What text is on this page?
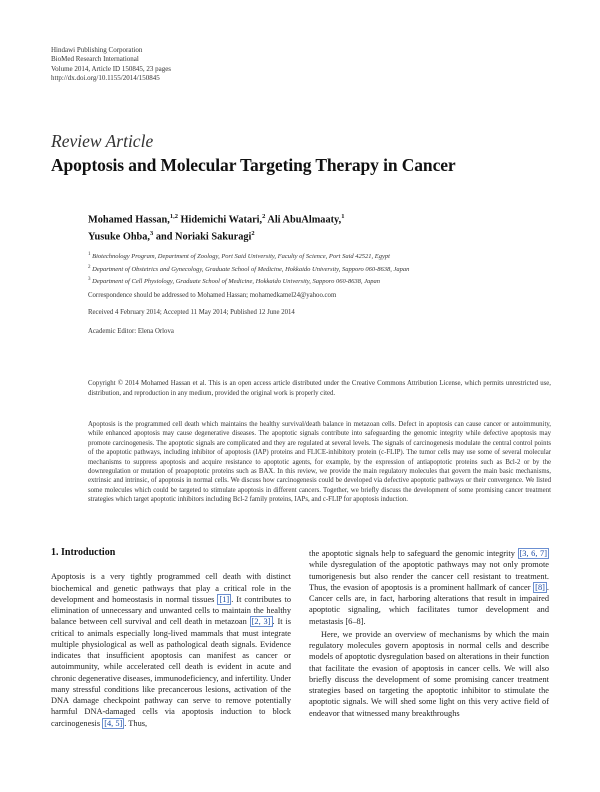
Hindawi Publishing Corporation
BioMed Research International
Volume 2014, Article ID 150845, 23 pages
http://dx.doi.org/10.1155/2014/150845
Review Article
Apoptosis and Molecular Targeting Therapy in Cancer
Mohamed Hassan,$^{1,2}$ Hidemichi Watari,$^2$ Ali AbuAlmaaty,$^1$
Yusuke Ohba,$^3$ and Noriaki Sakuragi$^2$
$^1$ Biotechnology Program, Department of Zoology, Port Said University, Faculty of Science, Port Said 42521, Egypt
$^2$ Department of Obstetrics and Gynecology, Graduate School of Medicine, Hokkaido University, Sapporo 060-8638, Japan
$^3$ Department of Cell Physiology, Graduate School of Medicine, Hokkaido University, Sapporo 060-8638, Japan
Correspondence should be addressed to Mohamed Hassan; mohamedkamel24@yahoo.com
Received 4 February 2014; Accepted 11 May 2014; Published 12 June 2014
Academic Editor: Elena Orlova
Copyright © 2014 Mohamed Hassan et al. This is an open access article distributed under the Creative Commons Attribution License, which permits unrestricted use, distribution, and reproduction in any medium, provided the original work is properly cited.
Apoptosis is the programmed cell death which maintains the healthy survival/death balance in metazoan cells. Defect in apoptosis can cause cancer or autoimmunity, while enhanced apoptosis may cause degenerative diseases. The apoptotic signals contribute into safeguarding the genomic integrity while defective apoptosis may promote carcinogenesis. The apoptotic signals are complicated and they are regulated at several levels. The signals of carcinogenesis modulate the central control points of the apoptotic pathways, including inhibitor of apoptosis (IAP) proteins and FLICE-inhibitory protein (c-FLIP). The tumor cells may use some of several molecular mechanisms to suppress apoptosis and acquire resistance to apoptotic agents, for example, by the expression of antiapoptotic proteins such as Bcl-2 or by the downregulation or mutation of proapoptotic proteins such as BAX. In this review, we provide the main regulatory molecules that govern the main basic mechanisms, extrinsic and intrinsic, of apoptosis in normal cells. We discuss how carcinogenesis could be developed via defective apoptotic pathways or their convergence. We listed some molecules which could be targeted to stimulate apoptosis in different cancers. Together, we briefly discuss the development of some promising cancer treatment strategies which target apoptotic inhibitors including Bcl-2 family proteins, IAPs, and c-FLIP for apoptosis induction.
1. Introduction

Apoptosis is a very tightly programmed cell death with distinct biochemical and genetic pathways that play a critical role in the development and homeostasis in normal tissues [1] . It contributes to elimination of unnecessary and unwanted cells to maintain the healthy balance between cell survival and cell death in metazoan [2, 3] . It is critical to animals especially long-lived mammals that must integrate multiple physiological as well as pathological death signals. Evidence indicates that insufficient apoptosis can manifest as cancer or autoimmunity, while accelerated cell death is evident in acute and chronic degenerative diseases, immunodeficiency, and infertility. Under many stressful conditions like precancerous lesions, activation of the DNA damage checkpoint pathway can serve to remove potentially harmful DNA-damaged cells via apoptosis induction to block carcinogenesis [4, 5] . Thus,

the apoptotic signals help to safeguard the genomic integrity [3, 6, 7] while dysregulation of the apoptotic pathways may not only promote tumorigenesis but also render the cancer cell resistant to treatment. Thus, the evasion of apoptosis is a prominent hallmark of cancer [8] . Cancer cells are, in fact, harboring alterations that result in impaired apoptotic signaling, which facilitates tumor development and metastasis [6–8].

Here, we provide an overview of mechanisms by which the main regulatory molecules govern apoptosis in normal cells and describe models of apoptotic dysregulation based on alterations in their function that facilitate the evasion of apoptosis in cancer cells. We will also briefly discuss the development of some promising cancer treatment strategies based on targeting the apoptotic inhibitor to stimulate the apoptotic signals. We will shed some light on this very active field of endeavor that witnessed many breakthroughs
